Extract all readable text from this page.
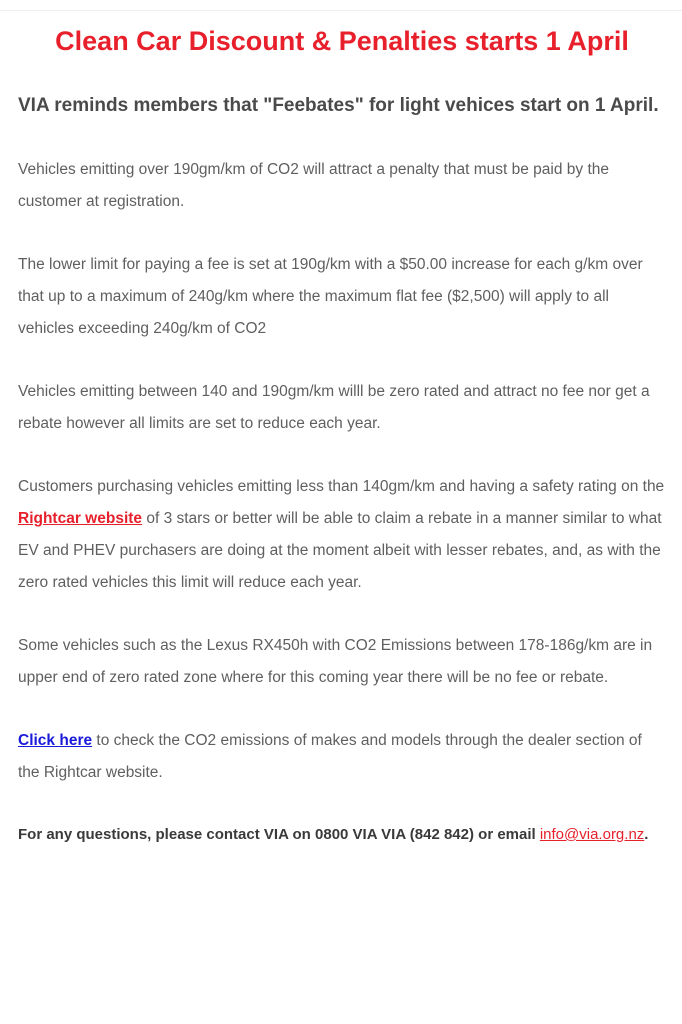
Clean Car Discount & Penalties starts 1 April

VIA reminds members that "Feebates" for light vehices start on 1 April.

Vehicles emitting over 190gm/km of CO2 will attract a penalty that must be paid by the customer at registration.

The lower limit for paying a fee is set at 190g/km with a $50.00 increase for each g/km over that up to a maximum of 240g/km where the maximum flat fee ($2,500) will apply to all vehicles exceeding 240g/km of CO2

Vehicles emitting between 140 and 190gm/km willl be zero rated and attract no fee nor get a rebate however all limits are set to reduce each year.

Customers purchasing vehicles emitting less than 140gm/km and having a safety rating on the Rightcar website of 3 stars or better will be able to claim a rebate in a manner similar to what EV and PHEV purchasers are doing at the moment albeit with lesser rebates, and, as with the zero rated vehicles this limit will reduce each year.

Some vehicles such as the Lexus RX450h with CO2 Emissions between 178-186g/km are in upper end of zero rated zone where for this coming year there will be no fee or rebate.

Click here to check the CO2 emissions of makes and models through the dealer section of the Rightcar website.

For any questions, please contact VIA on 0800 VIA VIA (842 842) or email info@via.org.nz.
